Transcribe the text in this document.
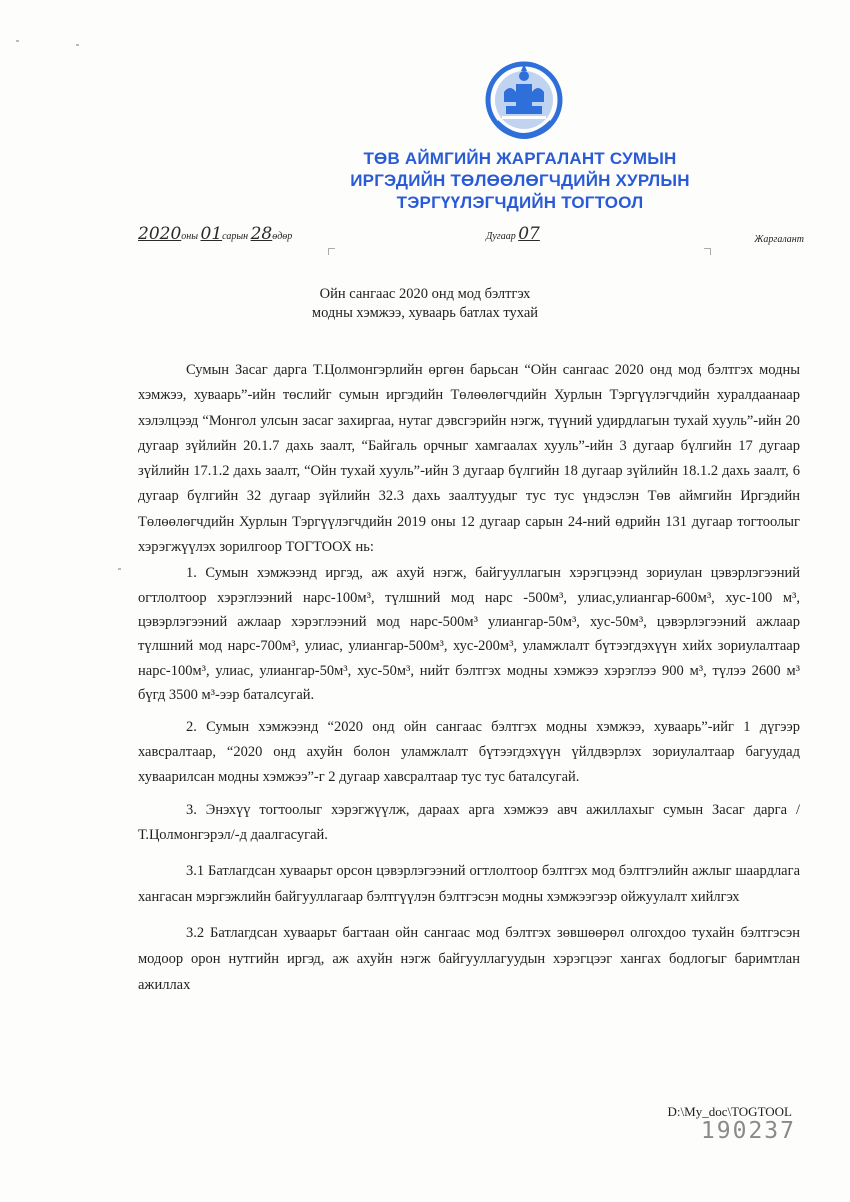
ТӨВ АЙМГИЙН ЖАРГАЛАНТ СУМЫН
ИРГЭДИЙН ТӨЛӨӨЛӨГЧДИЙН ХУРЛЫН
ТЭРГҮҮЛЭГЧДИЙН ТОГТООЛ
2020оны 01сарын 28өдөр	Дугаар 07	Жаргалант
Ойн сангаас 2020 онд мод бэлтгэх
модны хэмжээ, хуваарь батлах тухай

Сумын Засаг дарга Т.Цолмонгэрлийн өргөн барьсан “Ойн сангаас 2020 онд мод бэлтгэх модны хэмжээ, хуваарь”-ийн төслийг сумын иргэдийн Төлөөлөгчдийн Хурлын Тэргүүлэгчдийн хуралдаанаар хэлэлцээд “Монгол улсын засаг захиргаа, нутаг дэвсгэрийн нэгж, түүний удирдлагын тухай хууль”-ийн 20 дугаар зүйлийн 20.1.7 дахь заалт, “Байгаль орчныг хамгаалах хууль”-ийн 3 дугаар бүлгийн 17 дугаар зүйлийн 17.1.2 дахь заалт, “Ойн тухай хууль”-ийн 3 дугаар бүлгийн 18 дугаар зүйлийн 18.1.2 дахь заалт, 6 дугаар бүлгийн 32 дугаар зүйлийн 32.3 дахь заалтуудыг тус тус үндэслэн Төв аймгийн Иргэдийн Төлөөлөгчдийн Хурлын Тэргүүлэгчдийн 2019 оны 12 дугаар сарын 24-ний өдрийн 131 дугаар тогтоолыг хэрэгжүүлэх зорилгоор ТОГТООХ нь:

1. Сумын хэмжээнд иргэд, аж ахуй нэгж, байгууллагын хэрэгцээнд зориулан цэвэрлэгээний огтлолтоор хэрэглээний нарс-100м³, түлшний мод нарс -500м³, улиас,улиангар-600м³, хус-100 м³, цэвэрлэгээний ажлаар хэрэглээний мод нарс-500м³ улиангар-50м³, хус-50м³, цэвэрлэгээний ажлаар түлшний мод нарс-700м³, улиас, улиангар-500м³, хус-200м³, уламжлалт бүтээгдэхүүн хийх зориулалтаар нарс-100м³, улиас, улиангар-50м³, хус-50м³, нийт бэлтгэх модны хэмжээ хэрэглээ 900 м³, түлээ 2600 м³ бүгд 3500 м³-ээр баталсугай.

2. Сумын хэмжээнд “2020 онд ойн сангаас бэлтгэх модны хэмжээ, хуваарь”-ийг 1 дүгээр хавсралтаар, “2020 онд ахуйн болон уламжлалт бүтээгдэхүүн үйлдвэрлэх зориулалтаар багуудад хуваарилсан модны хэмжээ”-г 2 дугаар хавсралтаар тус тус баталсугай.

3. Энэхүү тогтоолыг хэрэгжүүлж, дараах арга хэмжээ авч ажиллахыг сумын Засаг дарга /Т.Цолмонгэрэл/-д даалгасугай.

3.1 Батлагдсан хуваарьт орсон цэвэрлэгээний огтлолтоор бэлтгэх мод бэлтгэлийн ажлыг шаардлага хангасан мэргэжлийн байгууллагаар бэлтгүүлэн бэлтгэсэн модны хэмжээгээр ойжуулалт хийлгэх

3.2 Батлагдсан хуваарьт багтаан ойн сангаас мод бэлтгэх зөвшөөрөл олгохдоо тухайн бэлтгэсэн модоор орон нутгийн иргэд, аж ахуйн нэгж байгууллагуудын хэрэгцээг хангах бодлогыг баримтлан ажиллах

D:\My_doc\TOGTOOL
190237
